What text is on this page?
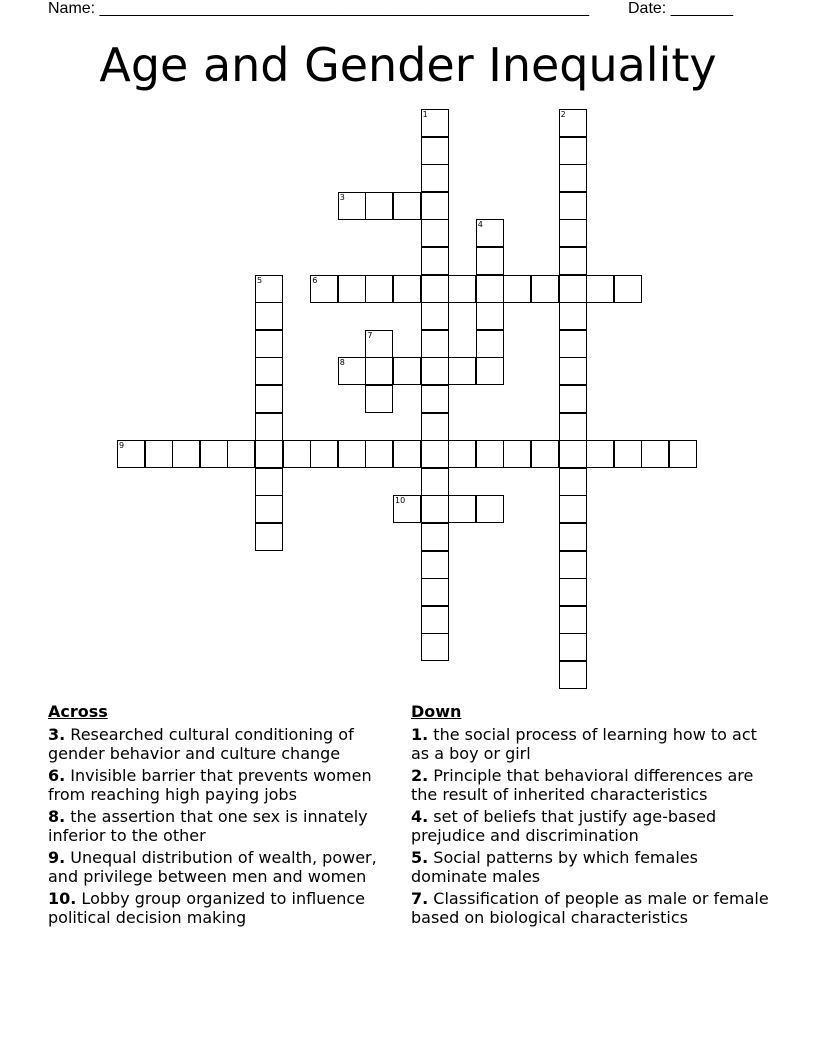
Name: _______________________________________________________ Date: _______
Age and Gender Inequality
1	2
3
4
5	6
7
8
9
10
Across
3. Researched cultural conditioning of gender behavior and culture change
6. Invisible barrier that prevents women from reaching high paying jobs
8. the assertion that one sex is innately inferior to the other
9. Unequal distribution of wealth, power, and privilege between men and women
10. Lobby group organized to influence political decision making
Down
1. the social process of learning how to act as a boy or girl
2. Principle that behavioral differences are the result of inherited characteristics
4. set of beliefs that justify age-based prejudice and discrimination
5. Social patterns by which females dominate males
7. Classification of people as male or female based on biological characteristics
